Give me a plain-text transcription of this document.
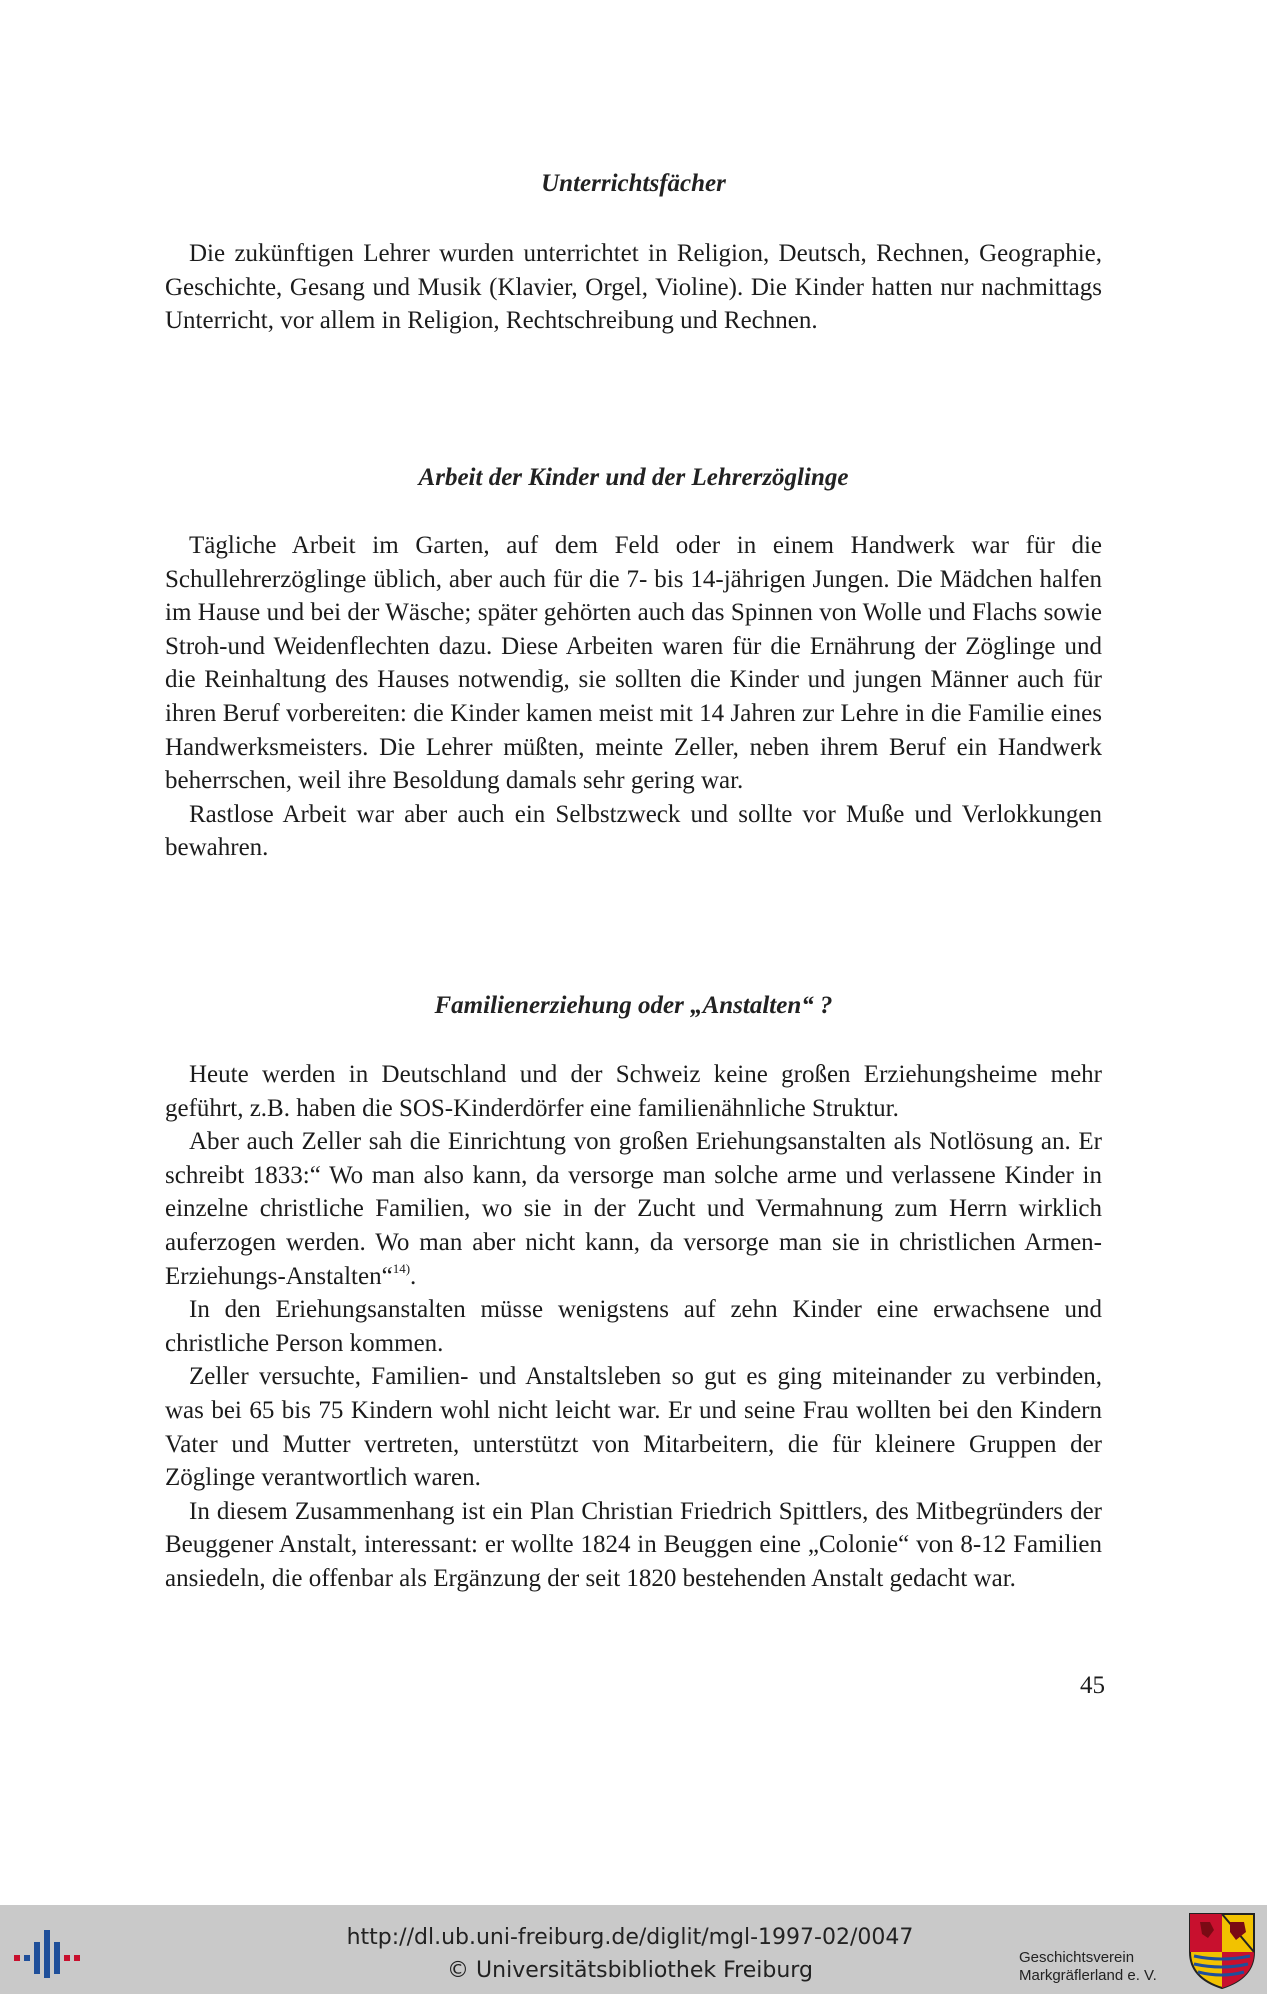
Unterrichtsfächer

Die zukünftigen Lehrer wurden unterrichtet in Religion, Deutsch, Rechnen, Geographie, Geschichte, Gesang und Musik (Klavier, Orgel, Violine). Die Kinder hatten nur nachmittags Unterricht, vor allem in Religion, Rechtschreibung und Rechnen.

Arbeit der Kinder und der Lehrerzöglinge

Tägliche Arbeit im Garten, auf dem Feld oder in einem Handwerk war für die Schullehrerzöglinge üblich, aber auch für die 7- bis 14-jährigen Jungen. Die Mädchen halfen im Hause und bei der Wäsche; später gehörten auch das Spinnen von Wolle und Flachs sowie Stroh-und Weidenflechten dazu. Diese Arbeiten waren für die Ernährung der Zöglinge und die Reinhaltung des Hauses notwendig, sie sollten die Kinder und jungen Männer auch für ihren Beruf vorbereiten: die Kinder kamen meist mit 14 Jahren zur Lehre in die Familie eines Handwerksmeisters. Die Lehrer müßten, meinte Zeller, neben ihrem Beruf ein Handwerk beherrschen, weil ihre Besoldung damals sehr gering war.

Rastlose Arbeit war aber auch ein Selbstzweck und sollte vor Muße und Verlokkungen bewahren.

Familienerziehung oder „Anstalten“ ?

Heute werden in Deutschland und der Schweiz keine großen Erziehungsheime mehr geführt, z.B. haben die SOS-Kinderdörfer eine familienähnliche Struktur.

Aber auch Zeller sah die Einrichtung von großen Eriehungsanstalten als Notlösung an. Er schreibt 1833:“ Wo man also kann, da versorge man solche arme und verlassene Kinder in einzelne christliche Familien, wo sie in der Zucht und Vermahnung zum Herrn wirklich auferzogen werden. Wo man aber nicht kann, da versorge man sie in christlichen Armen-Erziehungs-Anstalten“$^{14)}$.

In den Eriehungsanstalten müsse wenigstens auf zehn Kinder eine erwachsene und christliche Person kommen.

Zeller versuchte, Familien- und Anstaltsleben so gut es ging miteinander zu verbinden, was bei 65 bis 75 Kindern wohl nicht leicht war. Er und seine Frau wollten bei den Kindern Vater und Mutter vertreten, unterstützt von Mitarbeitern, die für kleinere Gruppen der Zöglinge verantwortlich waren.

In diesem Zusammenhang ist ein Plan Christian Friedrich Spittlers, des Mitbegründers der Beuggener Anstalt, interessant: er wollte 1824 in Beuggen eine „Colonie“ von 8-12 Familien ansiedeln, die offenbar als Ergänzung der seit 1820 bestehenden Anstalt gedacht war.

45
http://dl.ub.uni-freiburg.de/diglit/mgl-1997-02/0047
© Universitätsbibliothek Freiburg
Geschichtsverein
Markgräflerland e. V.
